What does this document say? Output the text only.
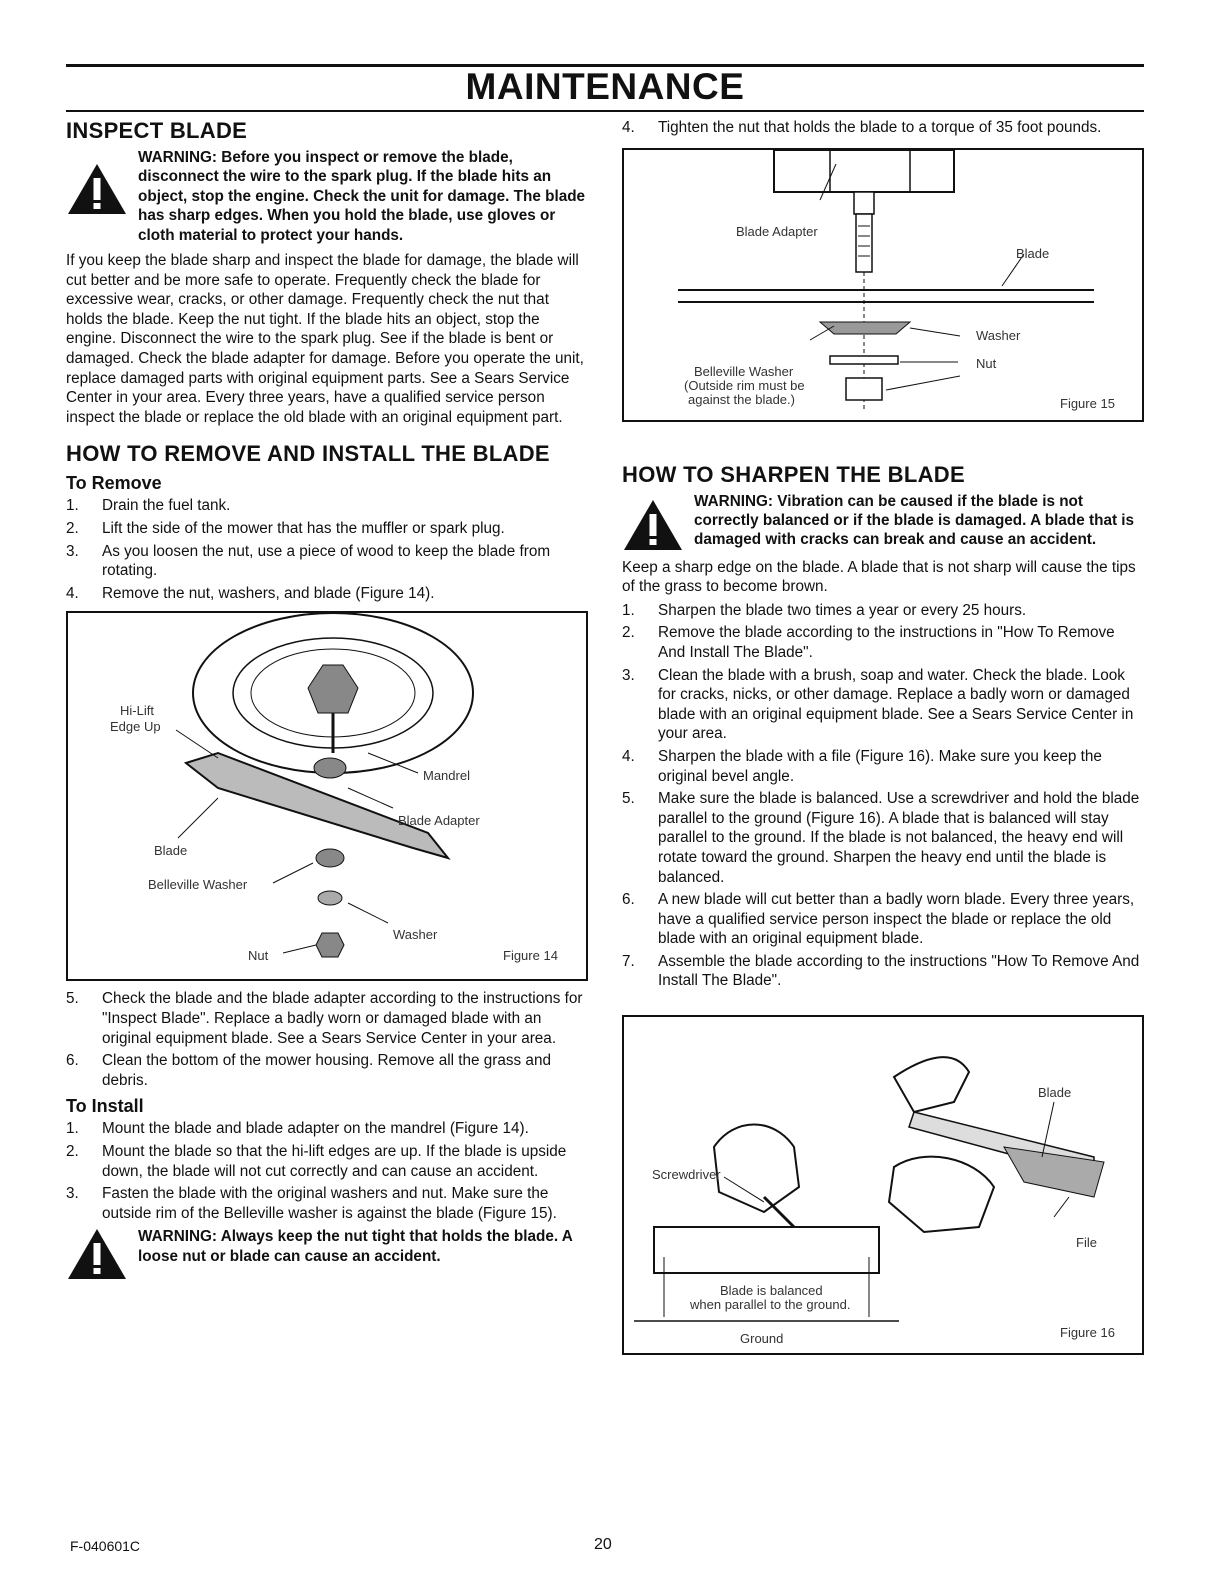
MAINTENANCE
INSPECT BLADE
WARNING: Before you inspect or remove the blade, disconnect the wire to the spark plug. If the blade hits an object, stop the engine. Check the unit for damage. The blade has sharp edges. When you hold the blade, use gloves or cloth material to protect your hands.

If you keep the blade sharp and inspect the blade for damage, the blade will cut better and be more safe to operate. Frequently check the blade for excessive wear, cracks, or other damage. Frequently check the nut that holds the blade. Keep the nut tight. If the blade hits an object, stop the engine. Disconnect the wire to the spark plug. See if the blade is bent or damaged. Check the blade adapter for damage. Before you operate the unit, replace damaged parts with original equipment parts. See a Sears Service Center in your area. Every three years, have a qualified service person inspect the blade or replace the old blade with an original equipment part.

HOW TO REMOVE AND INSTALL THE BLADE
To Remove
1.	Drain the fuel tank.
2.	Lift the side of the mower that has the muffler or spark plug.
3.	As you loosen the nut, use a piece of wood to keep the blade from rotating.
4.	Remove the nut, washers, and blade (Figure 14).
Hi-Lift
Edge Up
Mandrel
Blade Adapter
Blade
Belleville Washer
Washer
Nut	Figure 14
5.	Check the blade and the blade adapter according to the instructions for "Inspect Blade". Replace a badly worn or damaged blade with an original equipment blade. See a Sears Service Center in your area.
6.	Clean the bottom of the mower housing. Remove all the grass and debris.
To Install
1.	Mount the blade and blade adapter on the mandrel (Figure 14).
2.	Mount the blade so that the hi-lift edges are up. If the blade is upside down, the blade will not cut correctly and can cause an accident.
3.	Fasten the blade with the original washers and nut. Make sure the outside rim of the Belleville washer is against the blade (Figure 15).
WARNING: Always keep the nut tight that holds the blade. A loose nut or blade can cause an accident.
4.	Tighten the nut that holds the blade to a torque of 35 foot pounds.
Blade Adapter
Blade
Washer
Nut
Belleville Washer
(Outside rim must be
against the blade.)	Figure 15
HOW TO SHARPEN THE BLADE
WARNING: Vibration can be caused if the blade is not correctly balanced or if the blade is damaged. A blade that is damaged with cracks can break and cause an accident.

Keep a sharp edge on the blade. A blade that is not sharp will cause the tips of the grass to become brown.

1.	Sharpen the blade two times a year or every 25 hours.
2.	Remove the blade according to the instructions in "How To Remove And Install The Blade".
3.	Clean the blade with a brush, soap and water. Check the blade. Look for cracks, nicks, or other damage. Replace a badly worn or damaged blade with an original equipment blade. See a Sears Service Center in your area.
4.	Sharpen the blade with a file (Figure 16). Make sure you keep the original bevel angle.
5.	Make sure the blade is balanced. Use a screwdriver and hold the blade parallel to the ground (Figure 16). A blade that is balanced will stay parallel to the ground. If the blade is not balanced, the heavy end will rotate toward the ground. Sharpen the heavy end until the blade is balanced.
6.	A new blade will cut better than a badly worn blade. Every three years, have a qualified service person inspect the blade or replace the old blade with an original equipment blade.
7.	Assemble the blade according to the instructions "How To Remove And Install The Blade".
Blade
Screwdriver
File
Blade is balanced
when parallel to the ground.
Ground	Figure 16
F-040601C	20
